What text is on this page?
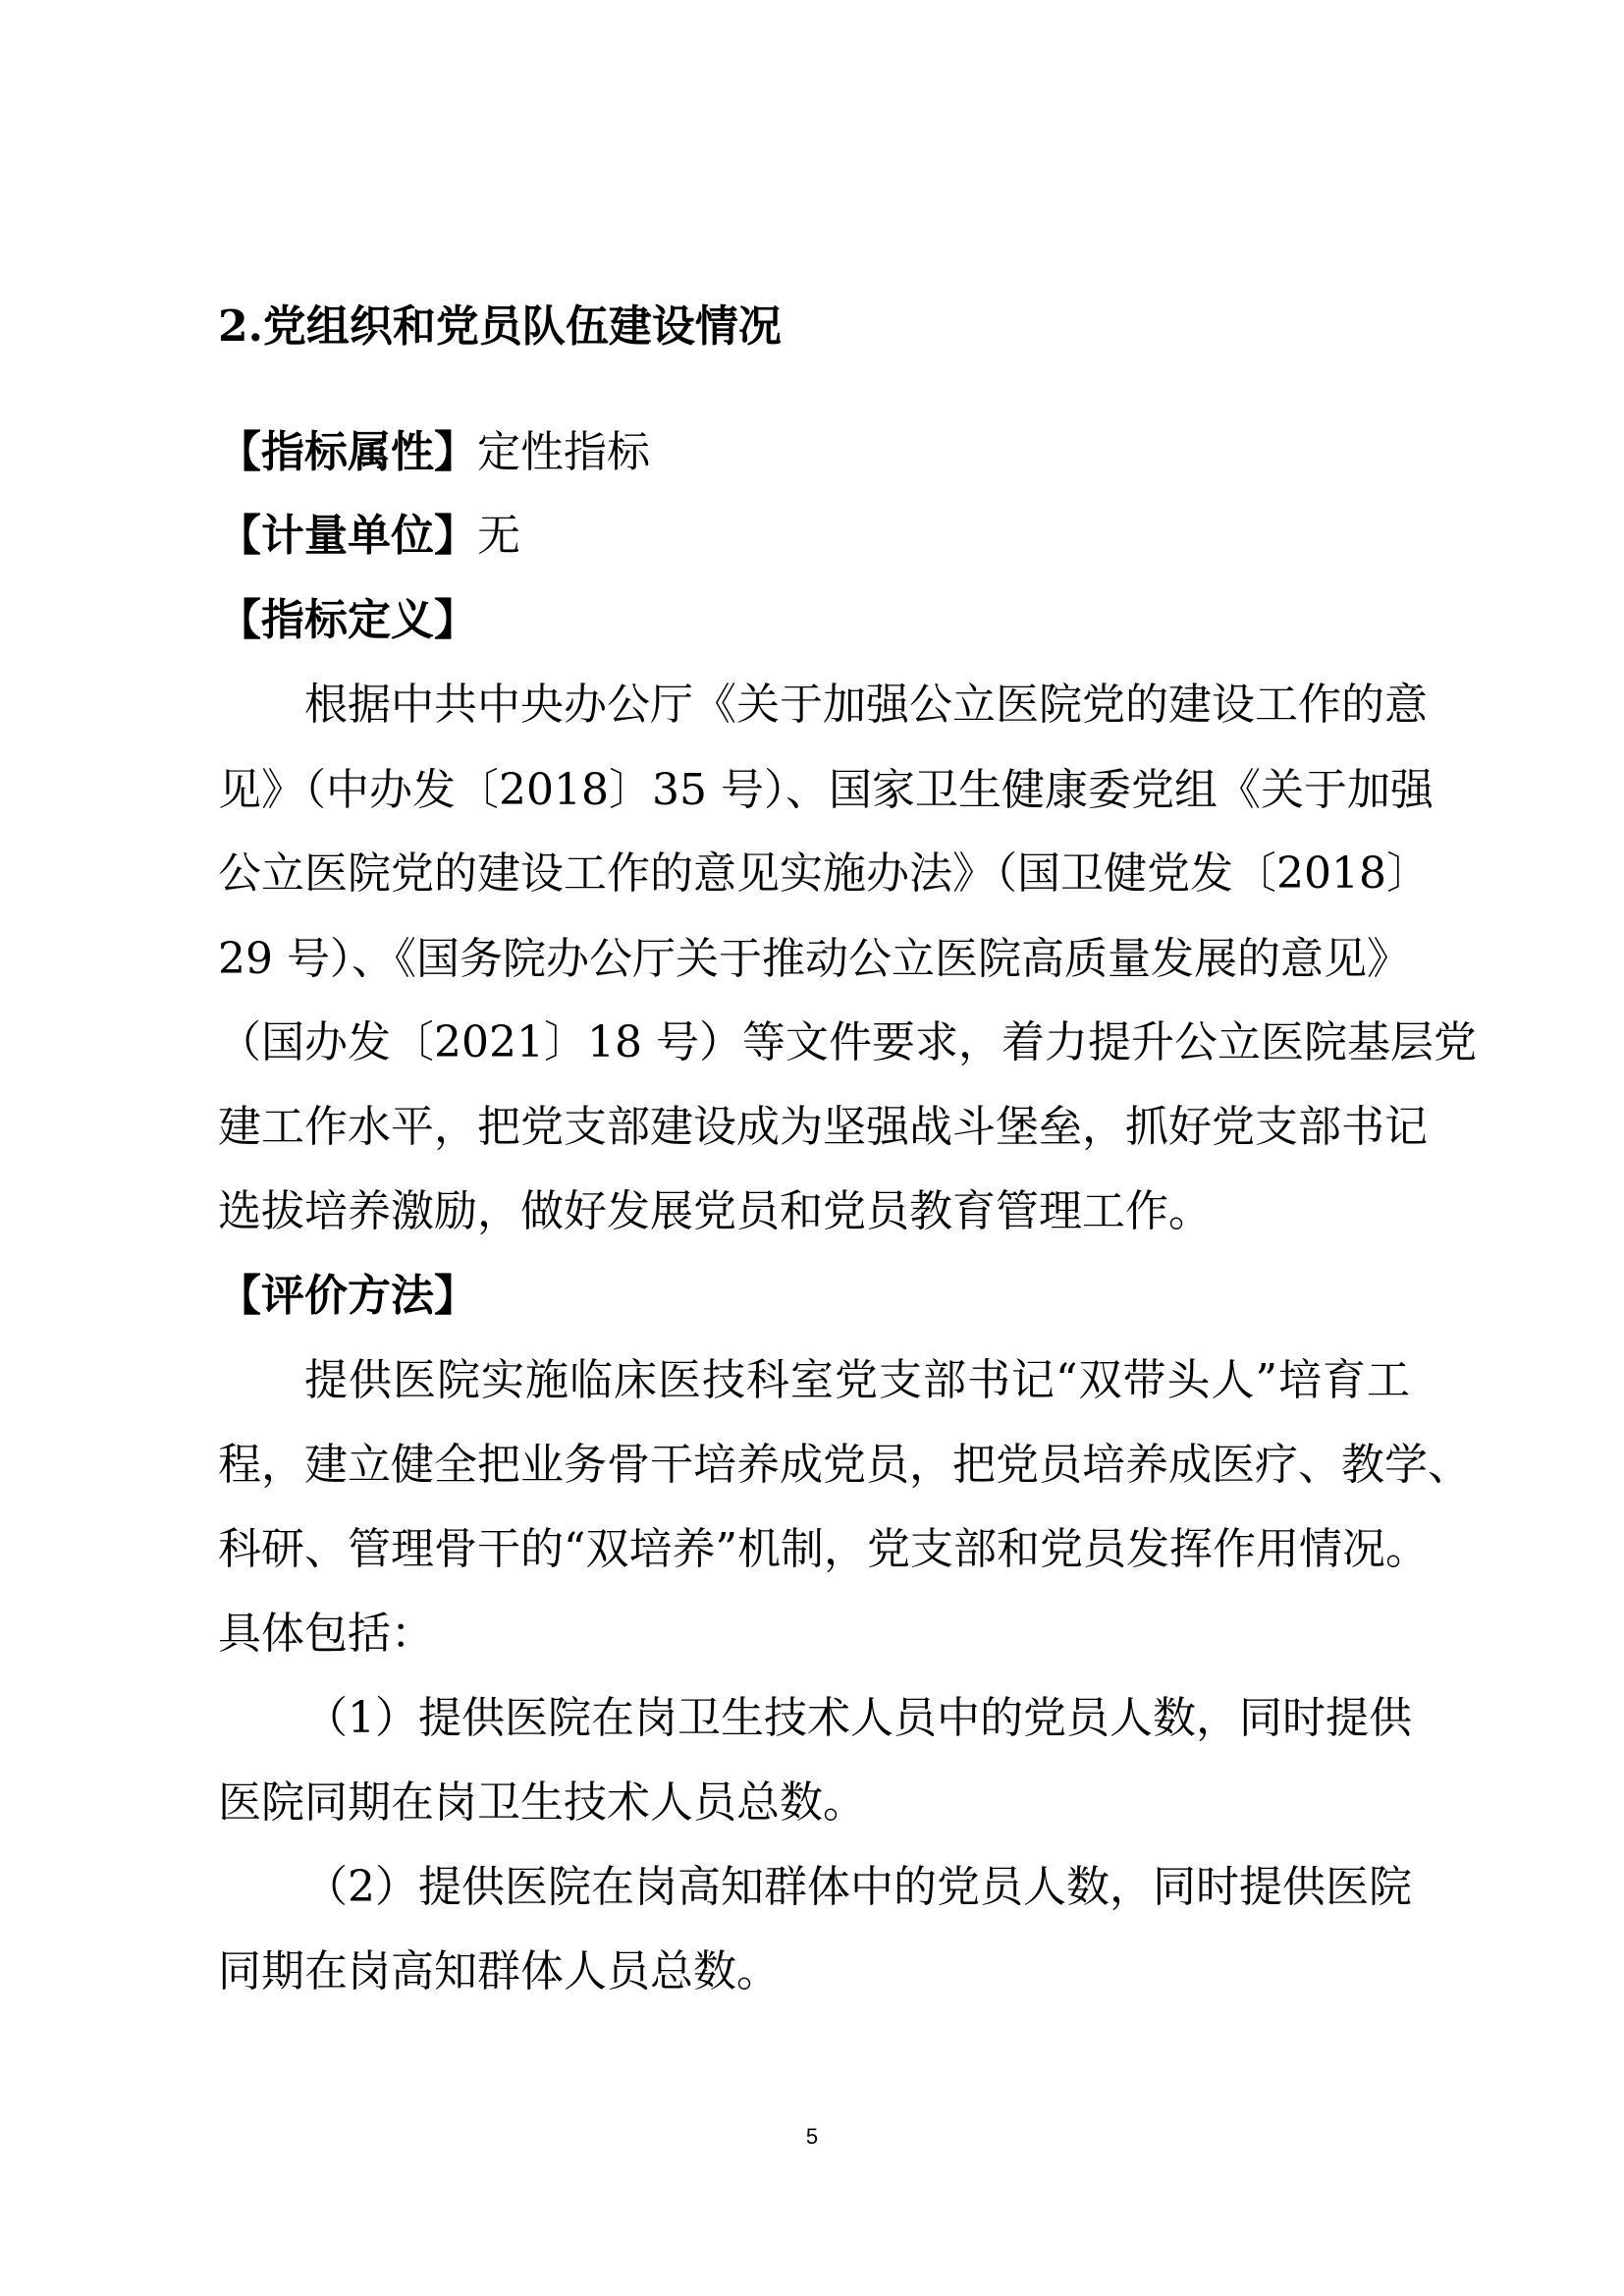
2.党组织和党员队伍建设情况
【指标属性】定性指标
【计量单位】无
【指标定义】
根据中共中央办公厅《关于加强公立医院党的建设工作的意
见》（中办发〔2018〕35 号）、国家卫生健康委党组《关于加强
公立医院党的建设工作的意见实施办法》（国卫健党发〔2018〕
29 号）、《国务院办公厅关于推动公立医院高质量发展的意见》
（国办发〔2021〕18 号）等文件要求，着力提升公立医院基层党
建工作水平，把党支部建设成为坚强战斗堡垒，抓好党支部书记
选拔培养激励，做好发展党员和党员教育管理工作。
【评价方法】
提供医院实施临床医技科室党支部书记“双带头人”培育工
程，建立健全把业务骨干培养成党员，把党员培养成医疗、教学、
科研、管理骨干的“双培养”机制，党支部和党员发挥作用情况。
具体包括：
（1）提供医院在岗卫生技术人员中的党员人数，同时提供
医院同期在岗卫生技术人员总数。
（2）提供医院在岗高知群体中的党员人数，同时提供医院
同期在岗高知群体人员总数。
5
